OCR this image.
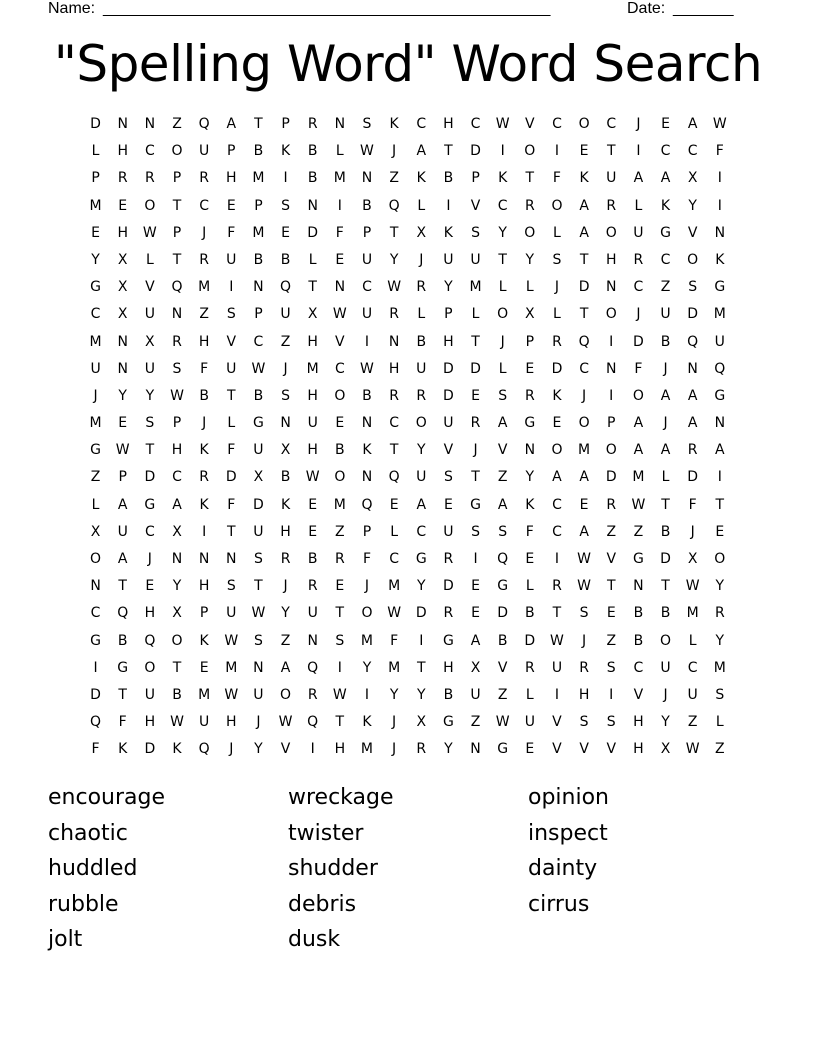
Name: ____________________________________________________	Date: _______
"Spelling Word" Word Search
D	N	N	Z	Q	A	T	P	R	N	S	K	C	H	C	W	V	C	O	C	J	E	A	W
L	H	C	O	U	P	B	K	B	L	W	J	A	T	D	I	O	I	E	T	I	C	C	F
P	R	R	P	R	H	M	I	B	M	N	Z	K	B	P	K	T	F	K	U	A	A	X	I
M	E	O	T	C	E	P	S	N	I	B	Q	L	I	V	C	R	O	A	R	L	K	Y	I
E	H	W	P	J	F	M	E	D	F	P	T	X	K	S	Y	O	L	A	O	U	G	V	N
Y	X	L	T	R	U	B	B	L	E	U	Y	J	U	U	T	Y	S	T	H	R	C	O	K
G	X	V	Q	M	I	N	Q	T	N	C	W	R	Y	M	L	L	J	D	N	C	Z	S	G
C	X	U	N	Z	S	P	U	X	W	U	R	L	P	L	O	X	L	T	O	J	U	D	M
M	N	X	R	H	V	C	Z	H	V	I	N	B	H	T	J	P	R	Q	I	D	B	Q	U
U	N	U	S	F	U	W	J	M	C	W	H	U	D	D	L	E	D	C	N	F	J	N	Q
J	Y	Y	W	B	T	B	S	H	O	B	R	R	D	E	S	R	K	J	I	O	A	A	G
M	E	S	P	J	L	G	N	U	E	N	C	O	U	R	A	G	E	O	P	A	J	A	N
G	W	T	H	K	F	U	X	H	B	K	T	Y	V	J	V	N	O	M	O	A	A	R	A
Z	P	D	C	R	D	X	B	W	O	N	Q	U	S	T	Z	Y	A	A	D	M	L	D	I
L	A	G	A	K	F	D	K	E	M	Q	E	A	E	G	A	K	C	E	R	W	T	F	T
X	U	C	X	I	T	U	H	E	Z	P	L	C	U	S	S	F	C	A	Z	Z	B	J	E
O	A	J	N	N	N	S	R	B	R	F	C	G	R	I	Q	E	I	W	V	G	D	X	O
N	T	E	Y	H	S	T	J	R	E	J	M	Y	D	E	G	L	R	W	T	N	T	W	Y
C	Q	H	X	P	U	W	Y	U	T	O	W	D	R	E	D	B	T	S	E	B	B	M	R
G	B	Q	O	K	W	S	Z	N	S	M	F	I	G	A	B	D	W	J	Z	B	O	L	Y
I	G	O	T	E	M	N	A	Q	I	Y	M	T	H	X	V	R	U	R	S	C	U	C	M
D	T	U	B	M	W	U	O	R	W	I	Y	Y	B	U	Z	L	I	H	I	V	J	U	S
Q	F	H	W	U	H	J	W	Q	T	K	J	X	G	Z	W	U	V	S	S	H	Y	Z	L
F	K	D	K	Q	J	Y	V	I	H	M	J	R	Y	N	G	E	V	V	V	H	X	W	Z
encourage
chaotic
huddled
rubble
jolt
wreckage
twister
shudder
debris
dusk
opinion
inspect
dainty
cirrus
